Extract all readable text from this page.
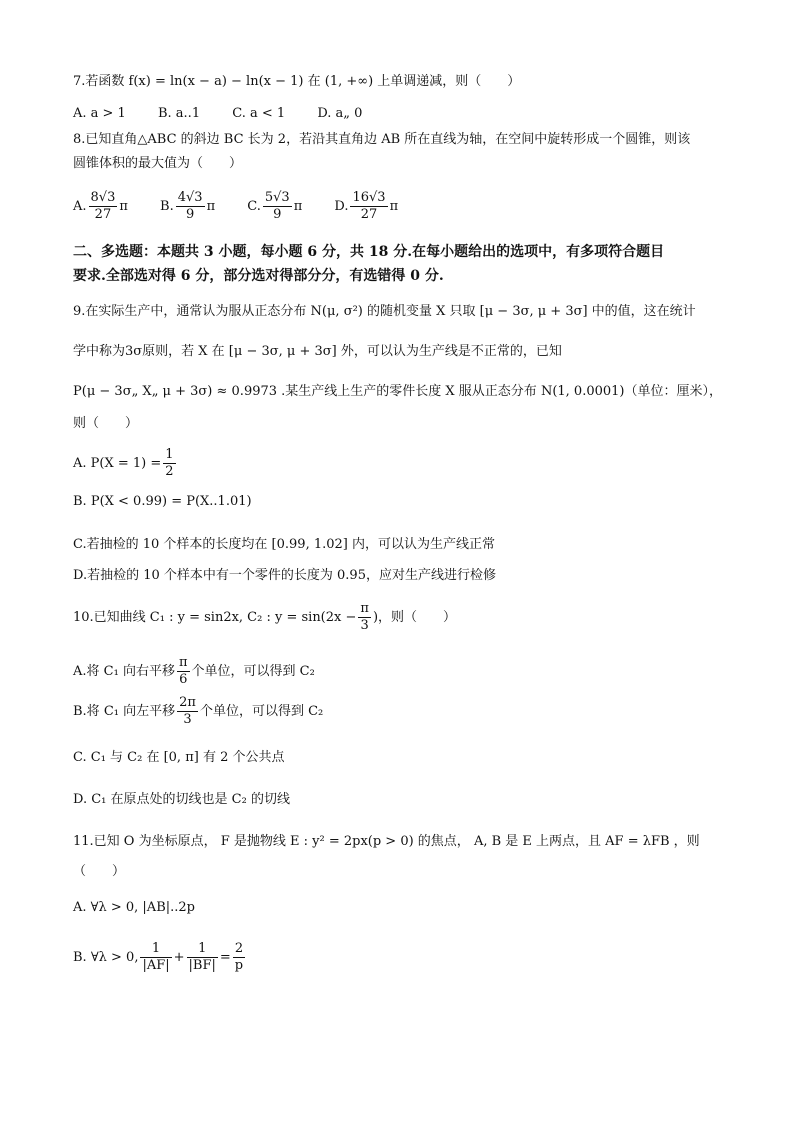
7.若函数 f(x) = ln(x − a) − ln(x − 1) 在 (1, +∞) 上单调递减，则（　　）
A. a > 1 B. a..1 C. a < 1 D. a„ 0
8.已知直角△ABC 的斜边 BC 长为 2，若沿其直角边 AB 所在直线为轴，在空间中旋转形成一个圆锥，则该
圆锥体积的最大值为（　　）
A. $\frac{8√3}{27}$ π B. $\frac{4√3}{9}$ π C. $\frac{5√3}{9}$ π D. $\frac{16√3}{27}$ π
二、多选题：本题共 3 小题，每小题 6 分，共 18 分.在每小题给出的选项中，有多项符合题目
要求.全部选对得 6 分，部分选对得部分分，有选错得 0 分.
9.在实际生产中，通常认为服从正态分布 N(μ, σ²) 的随机变量 X 只取 [μ − 3σ, μ + 3σ] 中的值，这在统计
学中称为3σ原则，若 X 在 [μ − 3σ, μ + 3σ] 外，可以认为生产线是不正常的，已知
P(μ − 3σ„ X„ μ + 3σ) ≈ 0.9973 .某生产线上生产的零件长度 X 服从正态分布 N(1, 0.0001)（单位：厘米），
则（　　）
A. $P(X = 1) = \frac{1}{2}$
B. P(X < 0.99) = P(X..1.01)
C.若抽检的 10 个样本的长度均在 [0.99, 1.02] 内，可以认为生产线正常
D.若抽检的 10 个样本中有一个零件的长度为 0.95，应对生产线进行检修
10.已知曲线 C₁ : y = sin2x, C₂ : $y = \sin(2x - \frac{\pi}{3}$ )，则（　　）
A.将 C₁ 向右平移 $\frac{\pi}{6}$ 个单位，可以得到 C₂
B.将 C₁ 向左平移 $\frac{2\pi}{3}$ 个单位，可以得到 C₂
C. C₁ 与 C₂ 在 [0, π] 有 2 个公共点
D. C₁ 在原点处的切线也是 C₂ 的切线
11.已知 O 为坐标原点， F 是抛物线 E : y² = 2px(p > 0) 的焦点， A, B 是 E 上两点，且 AF = λFB ，则
（　　）
A. ∀λ > 0, |AB|..2p
B. ∀λ > 0, $\frac{1}{|AF|} + \frac{1}{|BF|} = \frac{2}{p}$
